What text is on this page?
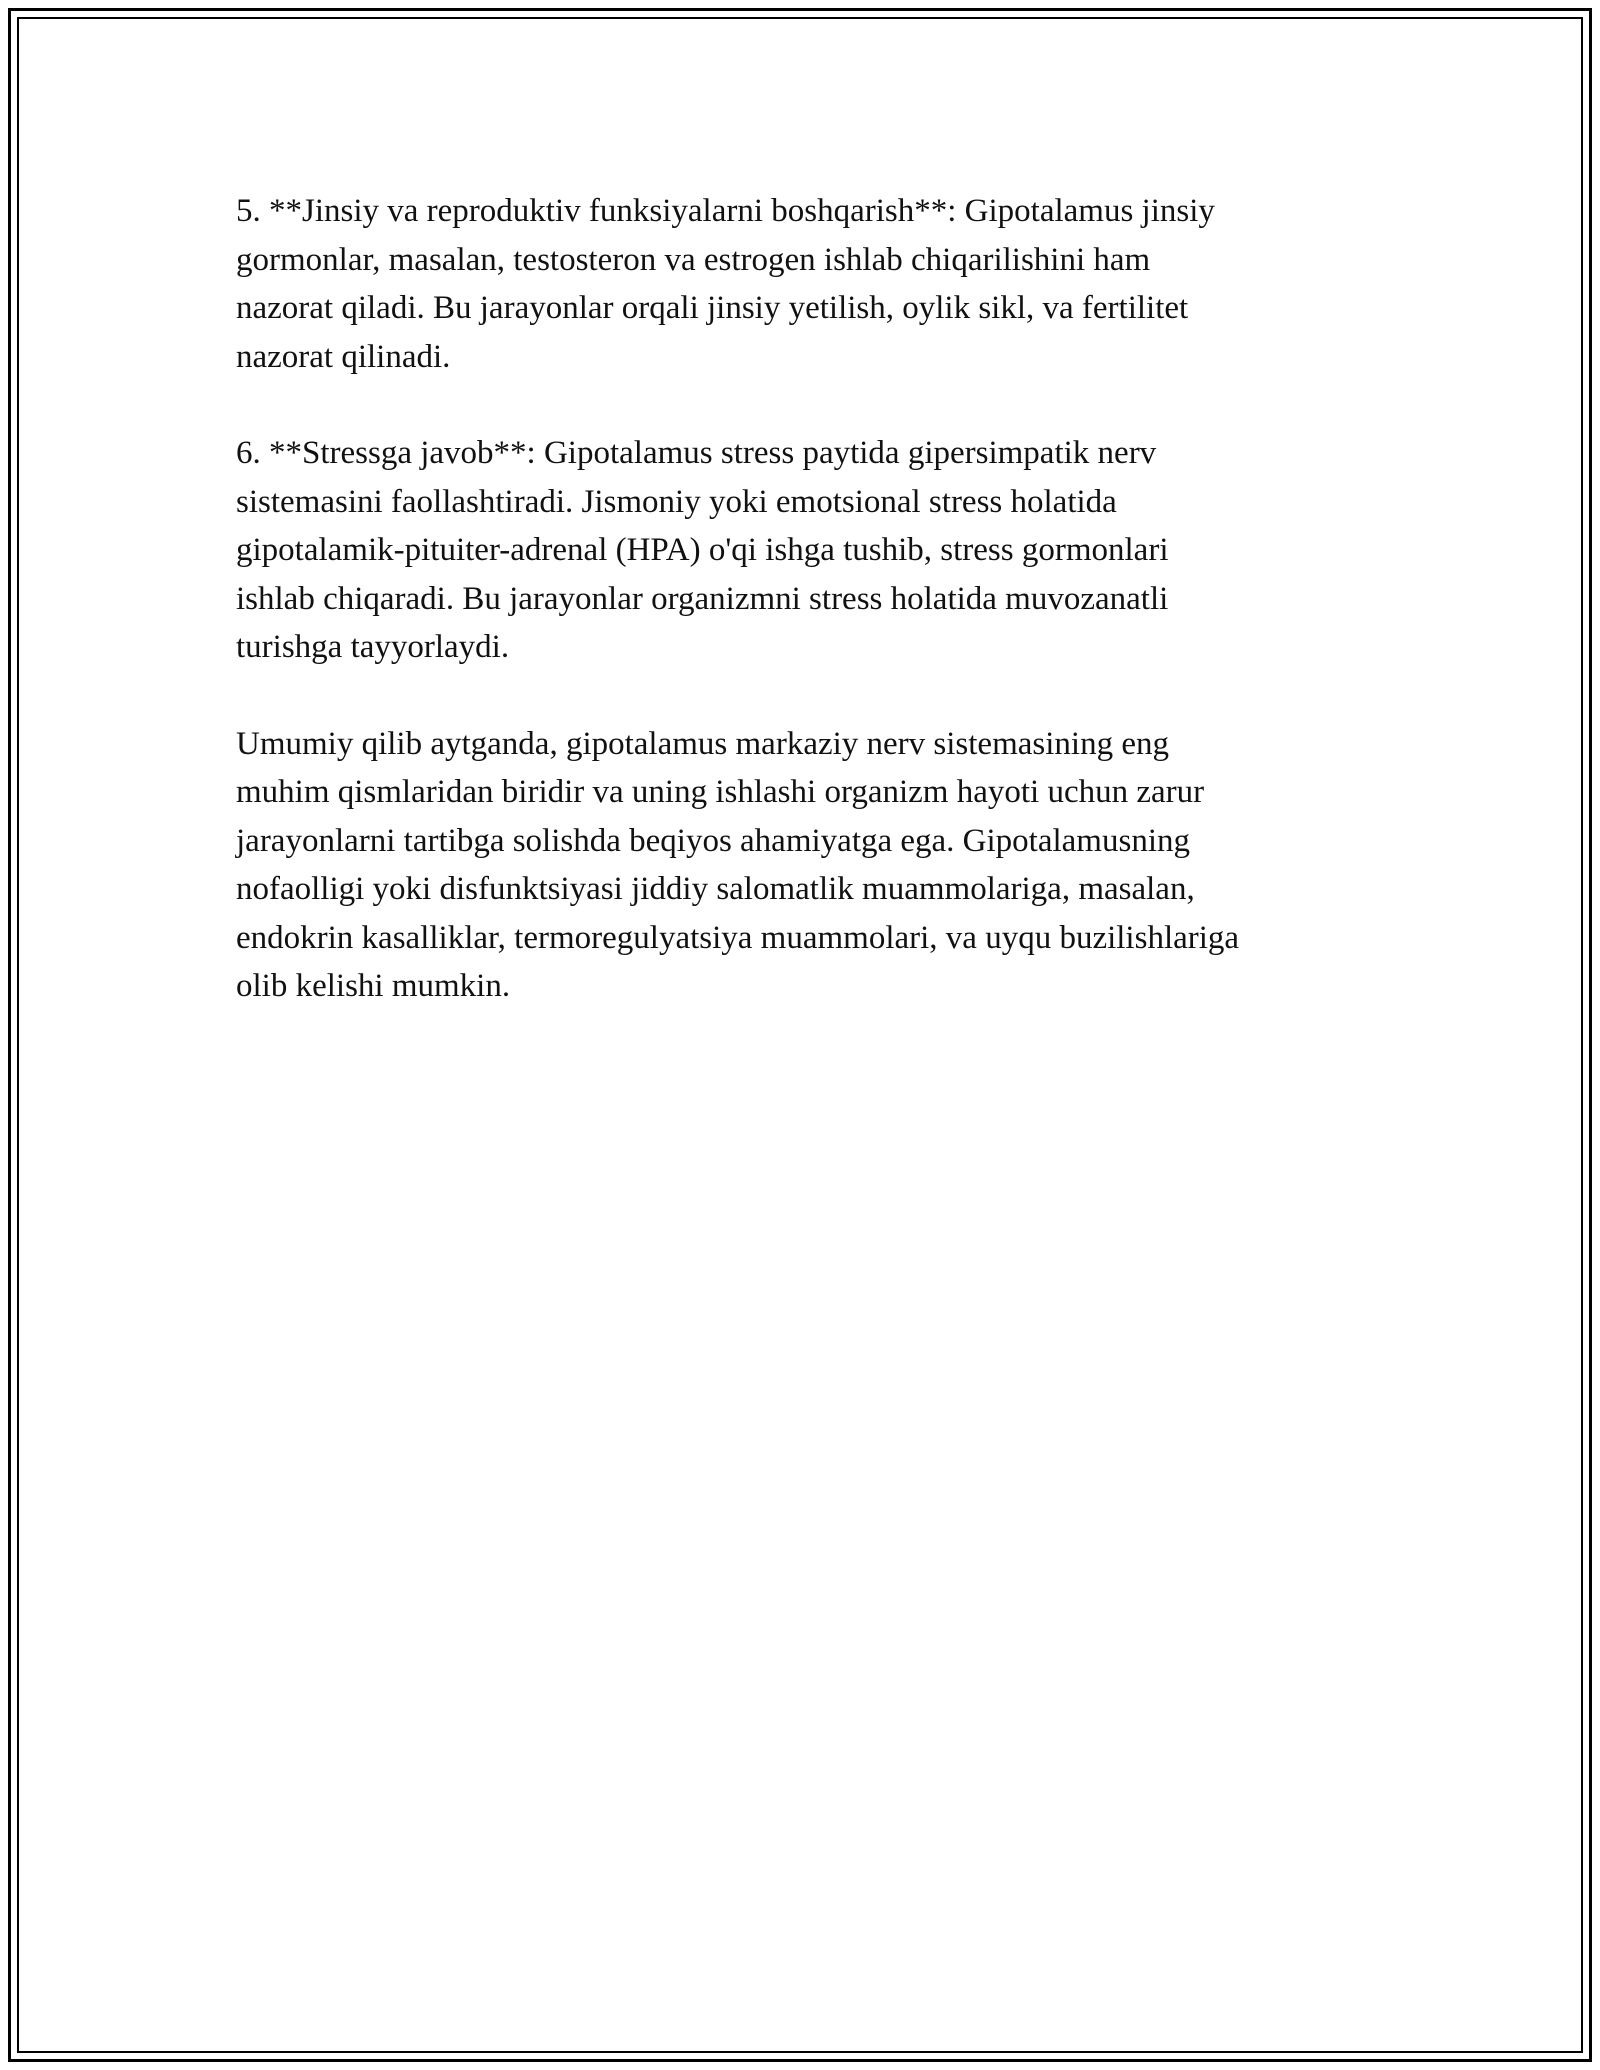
5. **Jinsiy va reproduktiv funksiyalarni boshqarish**: Gipotalamus jinsiy
gormonlar, masalan, testosteron va estrogen ishlab chiqarilishini ham
nazorat qiladi. Bu jarayonlar orqali jinsiy yetilish, oylik sikl, va fertilitet
nazorat qilinadi.

6. **Stressga javob**: Gipotalamus stress paytida gipersimpatik nerv
sistemasini faollashtiradi. Jismoniy yoki emotsional stress holatida
gipotalamik-pituiter-adrenal (HPA) o'qi ishga tushib, stress gormonlari
ishlab chiqaradi. Bu jarayonlar organizmni stress holatida muvozanatli
turishga tayyorlaydi.

Umumiy qilib aytganda, gipotalamus markaziy nerv sistemasining eng
muhim qismlaridan biridir va uning ishlashi organizm hayoti uchun zarur
jarayonlarni tartibga solishda beqiyos ahamiyatga ega. Gipotalamusning
nofaolligi yoki disfunktsiyasi jiddiy salomatlik muammolariga, masalan,
endokrin kasalliklar, termoregulyatsiya muammolari, va uyqu buzilishlariga
olib kelishi mumkin.
